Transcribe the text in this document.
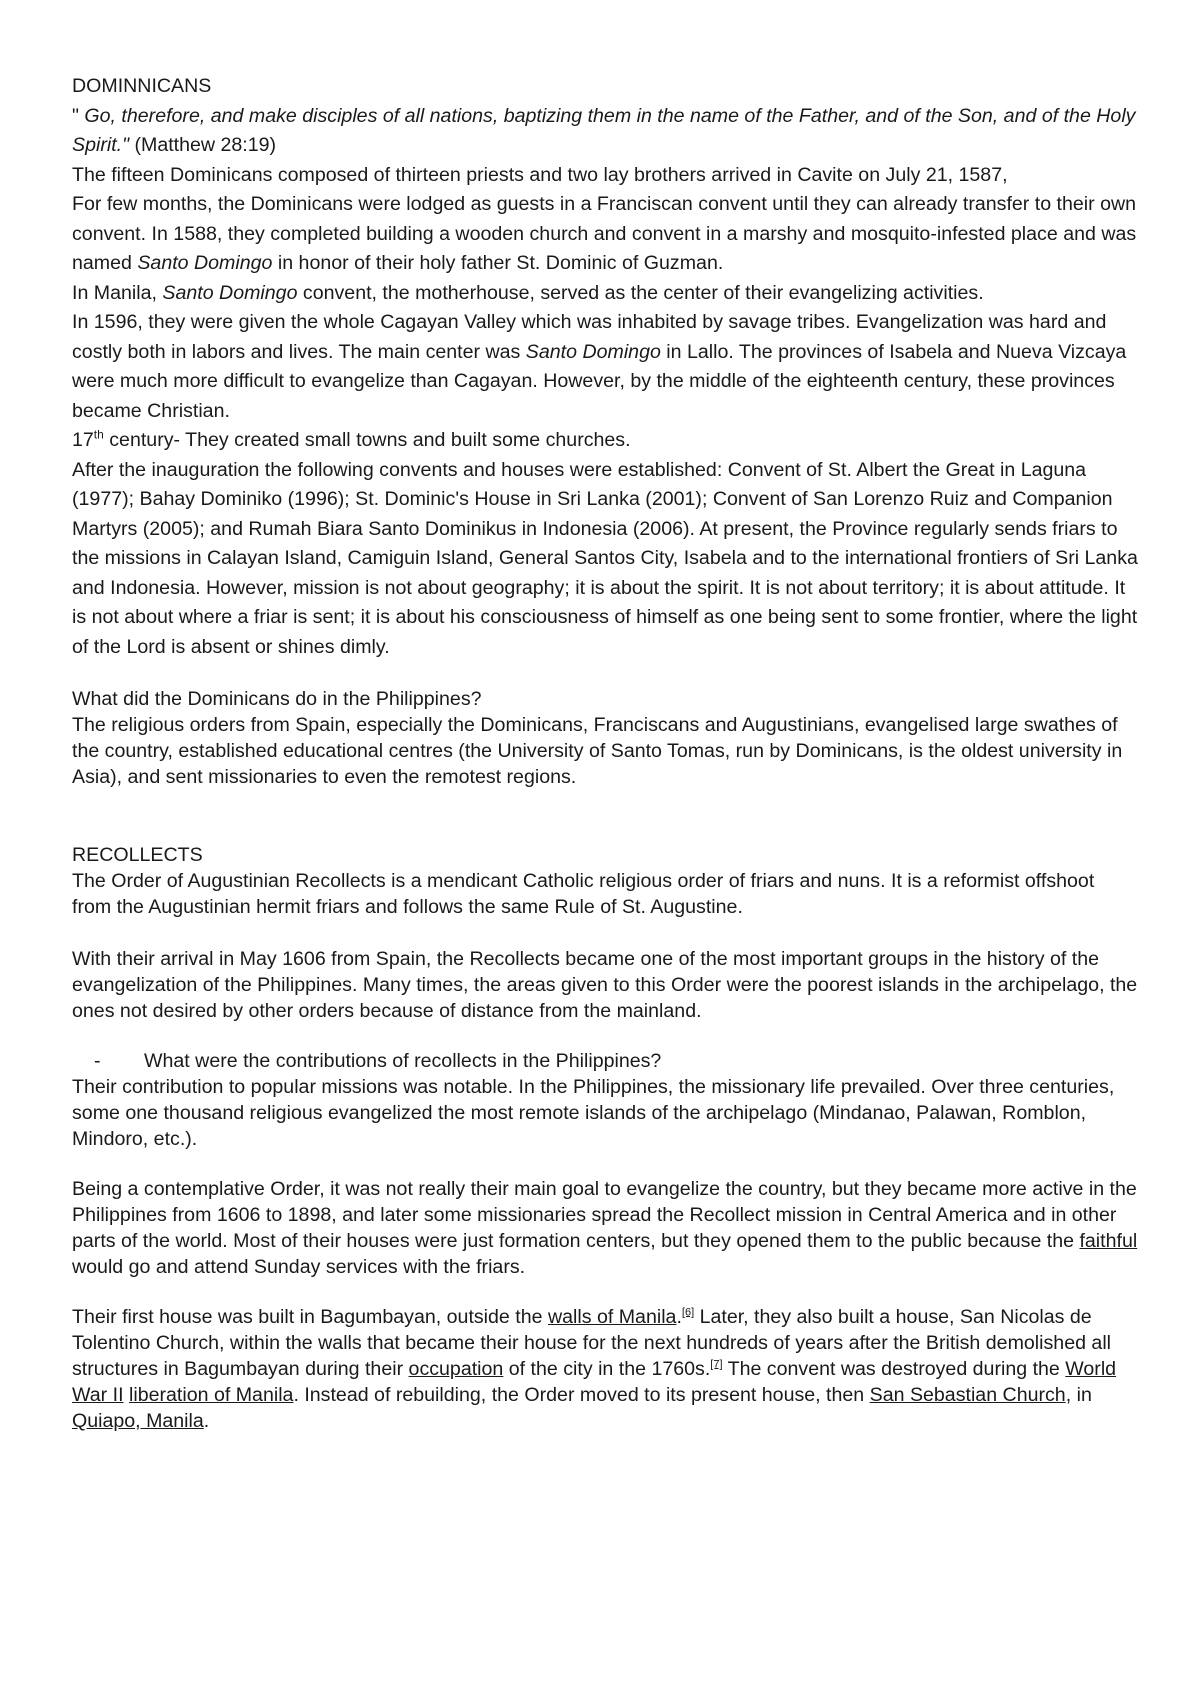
DOMINNICANS

" Go, therefore, and make disciples of all nations, baptizing them in the name of the Father, and of the Son, and of the Holy Spirit." (Matthew 28:19)

The fifteen Dominicans composed of thirteen priests and two lay brothers arrived in Cavite on July 21, 1587,

For few months, the Dominicans were lodged as guests in a Franciscan convent until they can already transfer to their own convent. In 1588, they completed building a wooden church and convent in a marshy and mosquito-infested place and was named Santo Domingo in honor of their holy father St. Dominic of Guzman.

In Manila, Santo Domingo convent, the motherhouse, served as the center of their evangelizing activities.

In 1596, they were given the whole Cagayan Valley which was inhabited by savage tribes. Evangelization was hard and costly both in labors and lives. The main center was Santo Domingo in Lallo. The provinces of Isabela and Nueva Vizcaya were much more difficult to evangelize than Cagayan. However, by the middle of the eighteenth century, these provinces became Christian.

17th century- They created small towns and built some churches.

After the inauguration the following convents and houses were established: Convent of St. Albert the Great in Laguna (1977); Bahay Dominiko (1996); St. Dominic's House in Sri Lanka (2001); Convent of San Lorenzo Ruiz and Companion Martyrs (2005); and Rumah Biara Santo Dominikus in Indonesia (2006). At present, the Province regularly sends friars to the missions in Calayan Island, Camiguin Island, General Santos City, Isabela and to the international frontiers of Sri Lanka and Indonesia. However, mission is not about geography; it is about the spirit. It is not about territory; it is about attitude. It is not about where a friar is sent; it is about his consciousness of himself as one being sent to some frontier, where the light of the Lord is absent or shines dimly.

What did the Dominicans do in the Philippines?

The religious orders from Spain, especially the Dominicans, Franciscans and Augustinians, evangelised large swathes of the country, established educational centres (the University of Santo Tomas, run by Dominicans, is the oldest university in Asia), and sent missionaries to even the remotest regions.

RECOLLECTS

The Order of Augustinian Recollects is a mendicant Catholic religious order of friars and nuns. It is a reformist offshoot from the Augustinian hermit friars and follows the same Rule of St. Augustine.

With their arrival in May 1606 from Spain, the Recollects became one of the most important groups in the history of the evangelization of the Philippines. Many times, the areas given to this Order were the poorest islands in the archipelago, the ones not desired by other orders because of distance from the mainland.

- What were the contributions of recollects in the Philippines?

Their contribution to popular missions was notable. In the Philippines, the missionary life prevailed. Over three centuries, some one thousand religious evangelized the most remote islands of the archipelago (Mindanao, Palawan, Romblon, Mindoro, etc.).

Being a contemplative Order, it was not really their main goal to evangelize the country, but they became more active in the Philippines from 1606 to 1898, and later some missionaries spread the Recollect mission in Central America and in other parts of the world. Most of their houses were just formation centers, but they opened them to the public because the faithful would go and attend Sunday services with the friars.

Their first house was built in Bagumbayan, outside the walls of Manila.[6] Later, they also built a house, San Nicolas de Tolentino Church, within the walls that became their house for the next hundreds of years after the British demolished all structures in Bagumbayan during their occupation of the city in the 1760s.[7] The convent was destroyed during the World War II liberation of Manila. Instead of rebuilding, the Order moved to its present house, then San Sebastian Church, in Quiapo, Manila.
